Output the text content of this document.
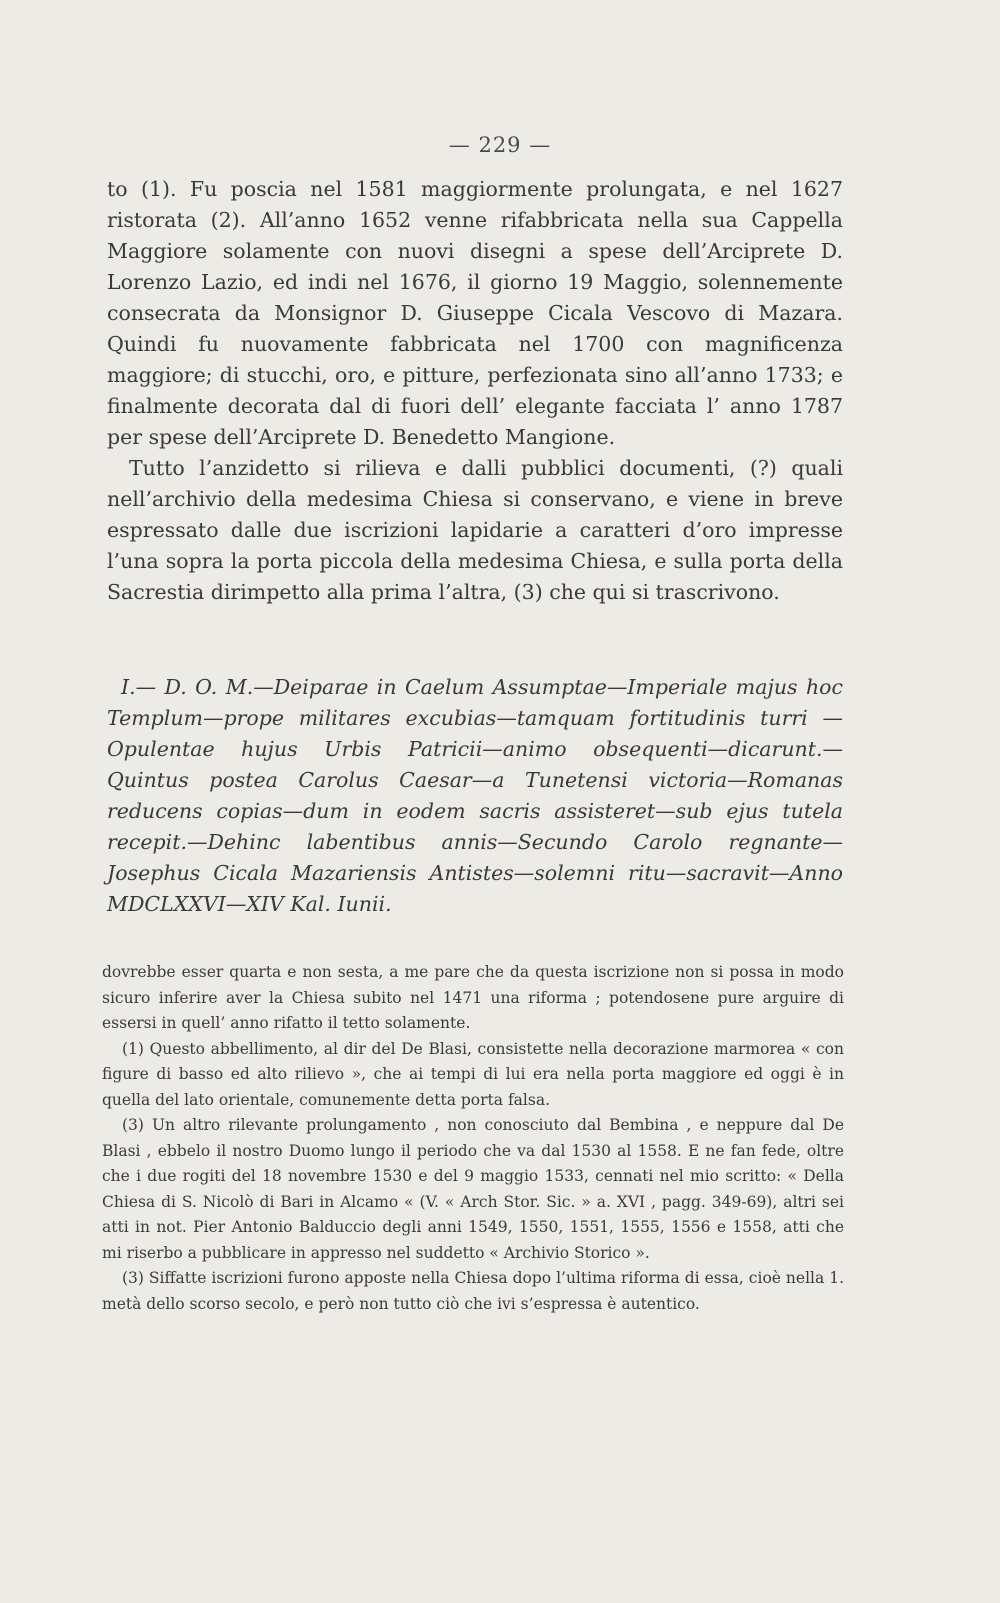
— 229 —

to (1). Fu poscia nel 1581 maggiormente prolungata, e nel 1627 ristorata (2). All’anno 1652 venne rifabbricata nella sua Cappella Maggiore solamente con nuovi disegni a spese dell’Arciprete D. Lorenzo Lazio, ed indi nel 1676, il giorno 19 Maggio, solennemente consecrata da Monsignor D. Giuseppe Cicala Vescovo di Mazara. Quindi fu nuovamente fabbricata nel 1700 con magnificenza maggiore; di stucchi, oro, e pitture, perfezionata sino all’anno 1733; e finalmente decorata dal di fuori dell’ elegante facciata l’ anno 1787 per spese dell’Arciprete D. Benedetto Mangione.

Tutto l’anzidetto si rilieva e dalli pubblici documenti, (?) quali nell’archivio della medesima Chiesa si conservano, e viene in breve espressato dalle due iscrizioni lapidarie a caratteri d’oro impresse l’una sopra la porta piccola della medesima Chiesa, e sulla porta della Sacrestia dirimpetto alla prima l’altra, (3) che qui si trascrivono.

I.— D. O. M.—Deiparae in Caelum Assumptae—Imperiale majus hoc Templum—prope militares excubias—tamquam fortitudinis turri —Opulentae hujus Urbis Patricii—animo obsequenti—dicarunt.— Quintus postea Carolus Caesar—a Tunetensi victoria—Romanas reducens copias—dum in eodem sacris assisteret—sub ejus tutela recepit.—Dehinc labentibus annis—Secundo Carolo regnante—Josephus Cicala Mazariensis Antistes—solemni ritu—sacravit—Anno MDCLXXVI—XIV Kal. Iunii.

dovrebbe esser quarta e non sesta, a me pare che da questa iscrizione non si possa in modo sicuro inferire aver la Chiesa subito nel 1471 una riforma ; potendosene pure arguire di essersi in quell’ anno rifatto il tetto solamente.

(1) Questo abbellimento, al dir del De Blasi, consistette nella decorazione marmorea « con figure di basso ed alto rilievo », che ai tempi di lui era nella porta maggiore ed oggi è in quella del lato orientale, comunemente detta porta falsa.

(3) Un altro rilevante prolungamento , non conosciuto dal Bembina , e neppure dal De Blasi , ebbelo il nostro Duomo lungo il periodo che va dal 1530 al 1558. E ne fan fede, oltre che i due rogiti del 18 novembre 1530 e del 9 maggio 1533, cennati nel mio scritto: « Della Chiesa di S. Nicolò di Bari in Alcamo « (V. « Arch Stor. Sic. » a. XVI , pagg. 349-69), altri sei atti in not. Pier Antonio Balduccio degli anni 1549, 1550, 1551, 1555, 1556 e 1558, atti che mi riserbo a pubblicare in appresso nel suddetto « Archivio Storico ».

(3) Siffatte iscrizioni furono apposte nella Chiesa dopo l’ultima riforma di essa, cioè nella 1. metà dello scorso secolo, e però non tutto ciò che ivi s’espressa è autentico.
